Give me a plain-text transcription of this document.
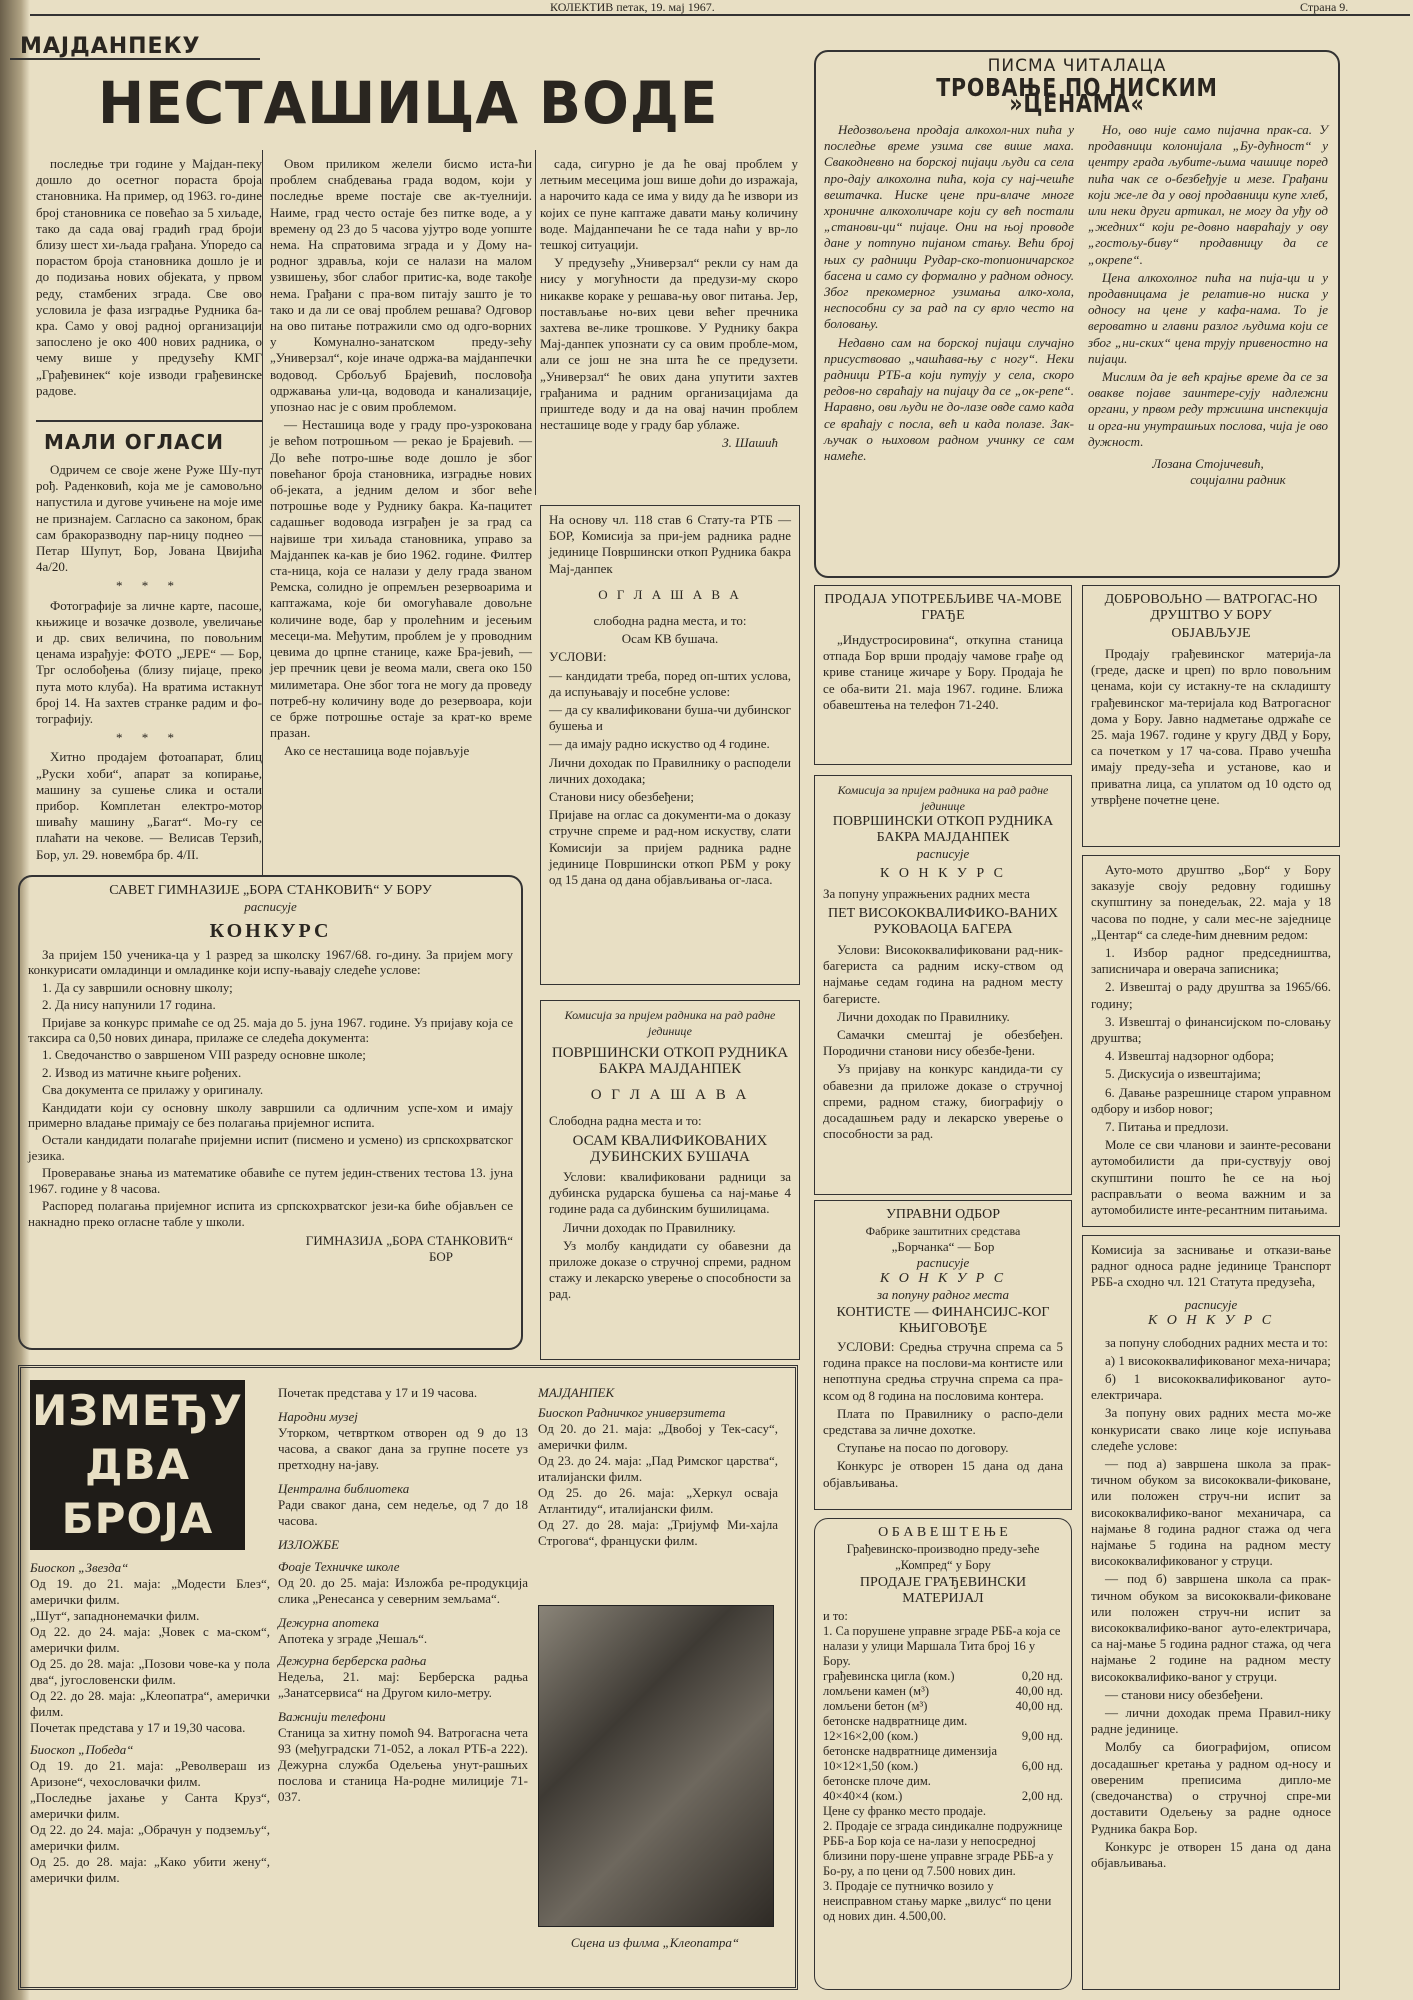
КОЛЕКТИВ петак, 19. мај 1967.	Страна 9.
МАЈДАНПЕКУ
НЕСТАШИЦА ВОДЕ

последње три године у Мајдан-пеку дошло до осетног пораста броја становника. На пример, од 1963. го-дине број становника се повећао за 5 хиљаде, тако да сада овај градић град броји близу шест хи-љада грађана. Упоредо са порастом броја становника дошло је и до подизања нових објеката, у првом реду, стамбених зграда. Све ово условила је фаза изградње Рудника ба-кра. Само у овој радној организацији запослено је око 400 нових радника, о чему више у предузећу КМГ „Грађевинек“ које изводи грађевинске радове.

Овом приликом желели бисмо иста-ћи проблем снабдевања града водом, који у последње време постаје све ак-туелнији. Наиме, град често остаје без питке воде, а у времену од 23 до 5 часова ујутро воде уопште нема. На спратовима зграда и у Дому на-родног здравља, који се налази на малом узвишењу, због слабог притис-ка, воде такође нема. Грађани с пра-вом питају зашто је то тако и да ли се овај проблем решава? Одговор на ово питање потражили смо од одго-ворних у Комунално-занатском преду-зећу „Универзал“, које иначе одржа-ва мајданпечки водовод. Србољуб Брајевић, пословођа одржавања ули-ца, водовода и канализације, упознао нас је с овим проблемом.

— Несташица воде у граду про-узрокована је већом потрошњом — рекао је Брајевић. — До веће потро-шње воде дошло је због повећаног броја становника, изградње нових об-јеката, а једним делом и због веће потрошње воде у Руднику бакра. Ка-пацитет садашњег водовода изграђен је за град са највише три хиљада становника, управо за Мајданпек ка-кав је био 1962. године. Филтер ста-ница, која се налази у делу града званом Ремска, солидно је опремљен резервоарима и каптажама, које би омогућавале довољне количине воде, бар у пролећним и јесењим месеци-ма. Међутим, проблем је у проводним цевима до црпне станице, каже Бра-јевић, — јер пречник цеви је веома мали, свега око 150 милиметара. Оне због тога не могу да проведу потреб-ну количину воде до резервоара, који се брже потрошње остаје за крат-ко време празан.

Ако се несташица воде појављује

сада, сигурно је да ће овај проблем у летњим месецима још више доћи до изражаја, а нарочито када се има у виду да ће извори из којих се пуне каптаже давати мању количину воде. Мајданпечани ће се тада наћи у вр-ло тешкој ситуацији.

У предузећу „Универзал“ рекли су нам да нису у могућности да предузи-му скоро никакве кораке у решава-њу овог питања. Јер, постављање но-вих цеви већег пречника захтева ве-лике трошкове. У Руднику бакра Мај-данпек упознати су са овим пробле-мом, али се још не зна шта ће се предузети. „Универзал“ ће ових дана упутити захтев грађанима и радним организацијама да приштеде воду и да на овај начин проблем несташице воде у граду бар ублаже.

З. Шашић
МАЛИ ОГЛАСИ

Одричем се своје жене Руже Шу-пут рођ. Раденковић, која ме је самовољно напустила и дугове учињене на моје име не признајем. Сагласно са законом, брак сам бракоразводну пар-ницу поднео — Петар Шупут, Бор, Јована Цвијића 4а/20.

* * *

Фотографије за личне карте, пасоше, књижице и возачке дозволе, увеличање и др. свих величина, по повољним ценама израђује: ФОТО „ЈЕРЕ“ — Бор, Трг ослобођења (близу пијаце, преко пута мото клуба). На вратима истакнут број 14. На захтев странке радим и фо-тографију.

* * *

Хитно продајем фотоапарат, блиц „Руски хоби“, апарат за копирање, машину за сушење слика и остали прибор. Комплетан електро-мотор шиваћу машину „Багат“. Мо-гу се плаћати на чекове. — Велисав Терзић, Бор, ул. 29. новембра бр. 4/II.

САВЕТ ГИМНАЗИЈЕ „БОРА СТАНКОВИЋ“ У БОРУ
расписује
КОНКУРС

За пријем 150 ученика-ца у 1 разред за школску 1967/68. го-дину. За пријем могу конкурисати омладинци и омладинке који испу-њавају следеће услове:

1. Да су завршили основну школу;

2. Да нису напунили 17 година.

Пријаве за конкурс примаће се од 25. маја до 5. јуна 1967. године. Уз пријаву која се таксира са 0,50 нових динара, прилаже се следећа документа:

1. Сведочанство о завршеном VIII разреду основне школе;

2. Извод из матичне књиге рођених.

Сва документа се прилажу у оригиналу.

Кандидати који су основну школу завршили са одличним успе-хом и имају примерно владање примају се без полагања пријемног испита.

Остали кандидати полагаће пријемни испит (писмено и усмено) из српскохрватског језика.

Проверавање знања из математике обавиће се путем једин-ствених тестова 13. јуна 1967. године у 8 часова.

Распоред полагања пријемног испита из српскохрватског јези-ка биће објављен се накнадно преко огласне табле у школи.

ГИМНАЗИЈА „БОРА СТАНКОВИЋ“
БОР

На основу чл. 118 став 6 Стату-та РТБ — БОР, Комисија за при-јем радника радне јединице Површински откоп Рудника бакра Мај-данпек

О Г Л А Ш А В А

слободна радна места, и то:

Осам КВ бушача.

УСЛОВИ:

— кандидати требa, поред оп-штих услова, да испуњавају и посебне услове:

— да су квалификовани буша-чи дубинског бушења и

— да имају радно искуство од 4 године.

Лични доходак по Правилнику о расподели личних доходака;

Станови нису обезбеђени;

Пријаве на оглас са документи-ма о доказу стручне спреме и рад-ном искуству, слати Комисији за пријем радника радне јединице Површински откоп РБМ у року од 15 дана од дана објављивања ог-ласа.

Комисија за пријем радника на рад радне јединице
ПОВРШИНСКИ ОТКОП РУДНИКА БАКРА МАЈДАНПЕК
О Г Л А Ш А В А
Слободна радна места и то:
ОСАМ КВАЛИФИКОВАНИХ ДУБИНСКИХ БУШАЧА

Услови: квалификовани радници за дубинска рударска бушења са нај-мање 4 године рада са дубинским бушилицама.

Лични доходак по Правилнику.

Уз молбу кандидати су обавезни да приложе доказе о стручној спреми, радном стажу и лекарско уверење о способности за рад.

ПИСМА ЧИТАЛАЦА
ТРОВАЊЕ ПО НИСКИМ »ЦЕНАМА«

Недозвољена продаја алкохол-них пића у последње време узима све више маха. Свакодневно на борској пијаци људи са села про-дају алкохолна пића, која су нај-чешће вештачка. Ниске цене при-влаче многе хроничне алкохоличаре који су већ постали „станови-ци“ пијаце. Они на њој проводе дане у потпуно пијаном стању. Већи број њих су радници Рудар-ско-топионичарског басена и само су формално у радном односу. Због прекомерног узимања алко-хола, неспособни су за рад па су врло често на боловању.

Недавно сам на борској пијаци случајно присуствовао „чашћава-њу с ногу“. Неки радници РТБ-а који путују у села, скоро редов-но свраћају на пијацу да се „ок-репе“. Наравно, ови људи не до-лазе овде само када се враћају с посла, већ и када полазе. Зак-ључак о њиховом радном учинку се сам намеће.

Но, ово није само пијачна прак-са. У продавници колонијала „Бу-дућност“ у центру града љубите-љима чашице поред пића чак се о-безбеђује и мезе. Грађани који же-ле да у овој продавници купе хлеб, или неки други артикал, не могу да уђу од „жедних“ који ре-довно навраћају у ову „гостољу-биву“ продавницу да се „окрепе“.

Цена алкохолног пића на пија-ци и у продавницама је релатив-но ниска у односу на цене у кафа-нама. То је вероватно и главни разлог људима који се због „ни-ских“ цена трују привеностно на пијаци.

Мислим да је већ крајње време да се за овакве појаве заинтере-сују надлежни органи, у првом реду тржишна инспекција и орга-ни унутрашњих послова, чија је ово дужност.

Лозана Стојичевић,
социјални радник
ПРОДАЈА УПОТРЕБЉИВЕ ЧА-МОВЕ ГРАЂЕ

„Индустросировина“, откупна станица отпада Бор врши продају чамове грађе од криве станице жичаре у Бору. Продаја ће се оба-вити 21. маја 1967. године. Ближа обавештења на телефон 71-240.

ДОБРОВОЉНО — ВАТРОГАС-НО ДРУШТВО У БОРУ
ОБЈАВЉУЈЕ

Продају грађевинског материја-ла (греде, даске и цреп) по врло повољним ценама, који су истакну-те на складишту грађевинског ма-теријала код Ватрогасног дома у Бору. Јавно надметање одржаће се 25. маја 1967. године у кругу ДВД у Бору, са почетком у 17 ча-сова. Право учешћа имају преду-зећа и установе, као и приватна лица, са уплатом од 10 одсто од утврђене почетне цене.

Комисија за пријем радника на рад радне јединице
ПОВРШИНСКИ ОТКОП РУДНИКА БАКРА МАЈДАНПЕК
расписује
К О Н К У Р С
За попуну упражњених радних места
ПЕТ ВИСОКОКВАЛИФИКО-ВАНИХ РУКОВАОЦА БАГЕРА

Услови: Висококвалификовани рад-ник-багериста са радним иску-ством од најмање седам година на радном месту багеристе.

Лични доходак по Правилнику.

Самачки смештај је обезбеђен. Породични станови нису обезбе-ђени.

Уз пријаву на конкурс кандида-ти су обавезни да приложе доказе о стручној спреми, радном стажу, биографију о досадашњем раду и лекарско уверење о способности за рад.

Ауто-мото друштво „Бор“ у Бору заказује своју редовну годишњу скупштину за понедељак, 22. маја у 18 часова по подне, у сали мес-не заједнице „Центар“ са следе-ћим дневним редом:

1. Избор радног председништва, записничара и оверача записника;

2. Извештај о раду друштва за 1965/66. годину;

3. Извештај о финансијском по-словању друштва;

4. Извештај надзорног одбора;

5. Дискусија о извештајима;

6. Давање разрешнице старом управном одбору и избор новог;

7. Питања и предлози.

Моле се сви чланови и заинте-ресовани аутомобилисти да при-суствују овој скупштини пошто ће се на њој расправљати о веома важним и за аутомобилисте инте-ресантним питањима.

УПРАВНИ ОДБОР
Фабрике заштитних средстава
„Борчанка“ — Бор
расписује
К О Н К У Р С
за попуну радног места
КОНТИСТЕ — ФИНАНСИЈС-КОГ КЊИГОВОЂЕ

УСЛОВИ: Средња стручна спрема са 5 година праксе на послови-ма контисте или непотпуна средња стручна спрема са пра-ксом од 8 година на пословима контера.

Плата по Правилнику о распо-дели средстава за личне дохотке.

Ступање на посао по договору.

Конкурс је отворен 15 дана од дана објављивања.

Комисија за заснивање и откази-вање радног односа радне јединице Транспорт РББ-а сходно чл. 121 Статута предузећа,

расписује
К О Н К У Р С

за попуну слободних радних места и то:

а) 1 висококвалификованог меха-ничара;

б) 1 висококвалификованог ауто-електричара.

За попуну ових радних места мо-же конкурисати свако лице које испуњава следеће услове:

— под а) завршена школа за прак-тичном обуком за висококвали-фиковане, или положен струч-ни испит за висококвалифико-ваног механичара, са најмање 8 година радног стажа од чега најмање 5 година на радном месту висококвалификованог у струци.

— под б) завршена школа са прак-тичном обуком за висококвали-фиковане или положен струч-ни испит за висококвалифико-ваног ауто-електричара, са нај-мање 5 година радног стажа, од чега најмање 2 године на радном месту висококвалифико-ваног у струци.

— станови нису обезбеђени.

— лични доходак према Правил-нику радне јединице.

Молбу са биографијом, описом досадашњег кретања у радном од-носу и овереним преписима дипло-ме (сведочанства) о стручној спре-ми доставити Одељењу за радне односе Рудника бакра Бор.

Конкурс је отворен 15 дана од дана објављивања.

О Б А В Е Ш Т Е Њ Е
Грађевинско-производно преду-зеће „Компред“ у Бору
ПРОДАЈЕ ГРАЂЕВИНСКИ МАТЕРИЈАЛ
и то:
1. Са порушене управне зграде РББ-а која се налази у улици Маршала Тита број 16 у Бору.
грађевинска цигла (ком.)	0,20 нд.
ломљени камен (м³)	40,00 нд.
ломљени бетон (м³)	40,00 нд.
бетонске надвратнице дим.
12×16×2,00 (ком.)	9,00 нд.
бетонске надвратнице димензија
10×12×1,50 (ком.)	6,00 нд.
бетонске плоче дим.
40×40×4 (ком.)	2,00 нд.
Цене су франко место продаје.
2. Продаје се зграда синдикалне подружнице РББ-а Бор која се на-лази у непосредној близини пору-шене управне зграде РББ-а у Бо-ру, а по цени од 7.500 нових дин.
3. Продаје се путничко возило у неисправном стању марке „вилус“ по цени од нових дин. 4.500,00.
ИЗМЕЂУ ДВА БРОЈА
Биоскоп „Звезда“
Од 19. до 21. маја: „Модести Блез“, амерички филм.
„Шут“, западнонемачки филм.
Од 22. до 24. маја: „Човек с ма-ском“, амерички филм.
Од 25. до 28. маја: „Позови чове-ка у пола два“, југословенски филм.
Од 22. до 28. маја: „Клеопатра“, амерички филм.
Почетак представа у 17 и 19,30 часова.
Биоскоп „Победа“
Од 19. до 21. маја: „Револвераш из Аризоне“, чехословачки филм.
„Последње јахање у Санта Круз“, амерички филм.
Од 22. до 24. маја: „Обрачун у подземљу“, амерички филм.
Од 25. до 28. маја: „Како убити жену“, амерички филм.
Почетак представа у 17 и 19 часова.
Народни музеј
Уторком, четвртком отворен од 9 до 13 часова, а сваког дана за групне посете уз претходну на-јаву.
Централна библиотека
Ради сваког дана, сем недеље, од 7 до 18 часова.
ИЗЛОЖБЕ
Фоаје Техничке школе
Од 20. до 25. маја: Изложба ре-продукција слика „Ренесанса у северним земљама“.
Дежурна апотека
Апотека у зграде „Чешаљ“.
Дежурна берберска радња
Недеља, 21. мај: Берберска радња „Занатсервиса“ на Другом кило-метру.
Важнији телефони
Станица за хитну помоћ 94. Ватрогасна чета 93 (међуградски 71-052, а локал РТБ-а 222). Дежурна служба Одељења унут-рашњих послова и станица На-родне милиције 71-037.
МАЈДАНПЕК
Биоскоп Радничког универзитета
Од 20. до 21. маја: „Двобој у Тек-сасу“, амерички филм.
Од 23. до 24. маја: „Пад Римског царства“, италијански филм.
Од 25. до 26. маја: „Херкул осваја Атлантиду“, италијански филм.
Од 27. до 28. маја: „Тријумф Ми-хајла Строгова“, француски филм.
Сцена из филма „Клеопатра“
